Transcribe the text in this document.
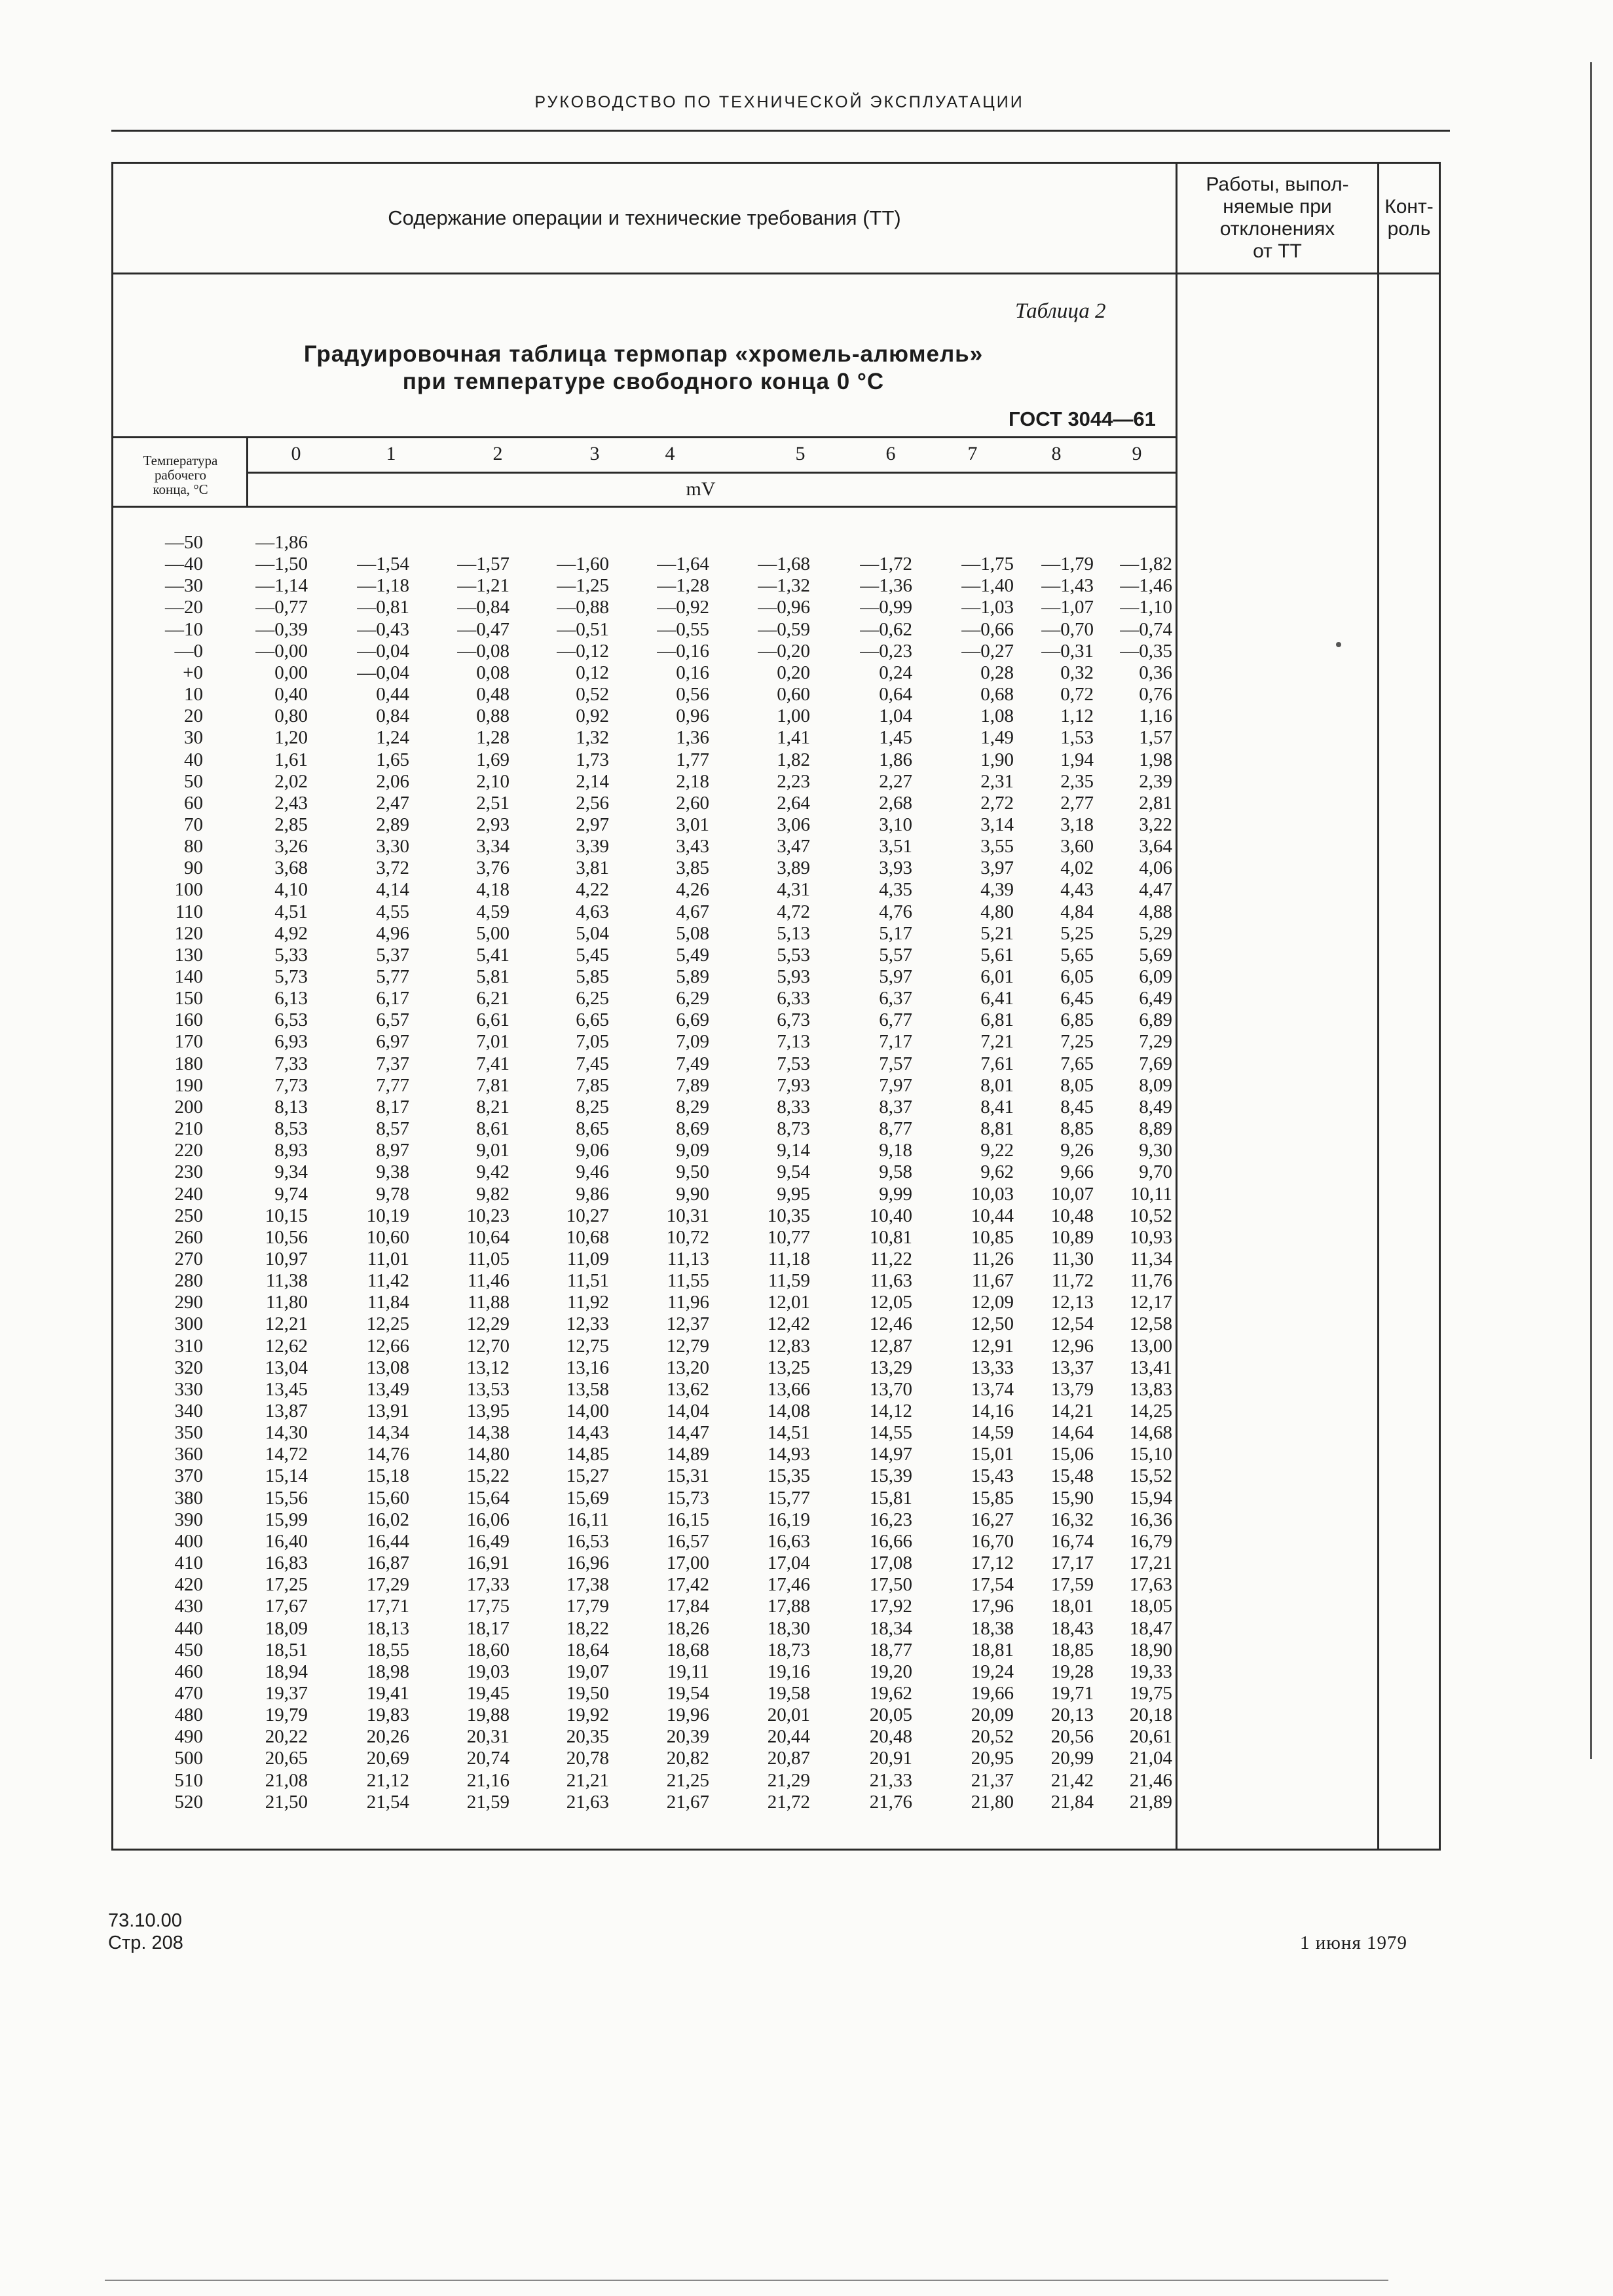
РУКОВОДСТВО ПО ТЕХНИЧЕСКОЙ ЭКСПЛУАТАЦИИ
Содержание операции и технические требования (ТТ)
Работы, выпол-
няемые при
отклонениях
от ТТ
Конт-
роль
Таблица 2
Градуировочная таблица термопар «хромель-алюмель»
при температуре свободного конца 0 °С
ГОСТ 3044—61
Температура
рабочего
конца, °С
0	1	2	3	4	5	6	7	8	9
mV
—50	—1,86
—40	—1,50	—1,54	—1,57	—1,60	—1,64	—1,68	—1,72	—1,75	—1,79	—1,82
—30	—1,14	—1,18	—1,21	—1,25	—1,28	—1,32	—1,36	—1,40	—1,43	—1,46
—20	—0,77	—0,81	—0,84	—0,88	—0,92	—0,96	—0,99	—1,03	—1,07	—1,10
—10	—0,39	—0,43	—0,47	—0,51	—0,55	—0,59	—0,62	—0,66	—0,70	—0,74
—0	—0,00	—0,04	—0,08	—0,12	—0,16	—0,20	—0,23	—0,27	—0,31	—0,35
+0	0,00	—0,04	0,08	0,12	0,16	0,20	0,24	0,28	0,32	0,36
10	0,40	0,44	0,48	0,52	0,56	0,60	0,64	0,68	0,72	0,76
20	0,80	0,84	0,88	0,92	0,96	1,00	1,04	1,08	1,12	1,16
30	1,20	1,24	1,28	1,32	1,36	1,41	1,45	1,49	1,53	1,57
40	1,61	1,65	1,69	1,73	1,77	1,82	1,86	1,90	1,94	1,98
50	2,02	2,06	2,10	2,14	2,18	2,23	2,27	2,31	2,35	2,39
60	2,43	2,47	2,51	2,56	2,60	2,64	2,68	2,72	2,77	2,81
70	2,85	2,89	2,93	2,97	3,01	3,06	3,10	3,14	3,18	3,22
80	3,26	3,30	3,34	3,39	3,43	3,47	3,51	3,55	3,60	3,64
90	3,68	3,72	3,76	3,81	3,85	3,89	3,93	3,97	4,02	4,06
100	4,10	4,14	4,18	4,22	4,26	4,31	4,35	4,39	4,43	4,47
110	4,51	4,55	4,59	4,63	4,67	4,72	4,76	4,80	4,84	4,88
120	4,92	4,96	5,00	5,04	5,08	5,13	5,17	5,21	5,25	5,29
130	5,33	5,37	5,41	5,45	5,49	5,53	5,57	5,61	5,65	5,69
140	5,73	5,77	5,81	5,85	5,89	5,93	5,97	6,01	6,05	6,09
150	6,13	6,17	6,21	6,25	6,29	6,33	6,37	6,41	6,45	6,49
160	6,53	6,57	6,61	6,65	6,69	6,73	6,77	6,81	6,85	6,89
170	6,93	6,97	7,01	7,05	7,09	7,13	7,17	7,21	7,25	7,29
180	7,33	7,37	7,41	7,45	7,49	7,53	7,57	7,61	7,65	7,69
190	7,73	7,77	7,81	7,85	7,89	7,93	7,97	8,01	8,05	8,09
200	8,13	8,17	8,21	8,25	8,29	8,33	8,37	8,41	8,45	8,49
210	8,53	8,57	8,61	8,65	8,69	8,73	8,77	8,81	8,85	8,89
220	8,93	8,97	9,01	9,06	9,09	9,14	9,18	9,22	9,26	9,30
230	9,34	9,38	9,42	9,46	9,50	9,54	9,58	9,62	9,66	9,70
240	9,74	9,78	9,82	9,86	9,90	9,95	9,99	10,03	10,07	10,11
250	10,15	10,19	10,23	10,27	10,31	10,35	10,40	10,44	10,48	10,52
260	10,56	10,60	10,64	10,68	10,72	10,77	10,81	10,85	10,89	10,93
270	10,97	11,01	11,05	11,09	11,13	11,18	11,22	11,26	11,30	11,34
280	11,38	11,42	11,46	11,51	11,55	11,59	11,63	11,67	11,72	11,76
290	11,80	11,84	11,88	11,92	11,96	12,01	12,05	12,09	12,13	12,17
300	12,21	12,25	12,29	12,33	12,37	12,42	12,46	12,50	12,54	12,58
310	12,62	12,66	12,70	12,75	12,79	12,83	12,87	12,91	12,96	13,00
320	13,04	13,08	13,12	13,16	13,20	13,25	13,29	13,33	13,37	13,41
330	13,45	13,49	13,53	13,58	13,62	13,66	13,70	13,74	13,79	13,83
340	13,87	13,91	13,95	14,00	14,04	14,08	14,12	14,16	14,21	14,25
350	14,30	14,34	14,38	14,43	14,47	14,51	14,55	14,59	14,64	14,68
360	14,72	14,76	14,80	14,85	14,89	14,93	14,97	15,01	15,06	15,10
370	15,14	15,18	15,22	15,27	15,31	15,35	15,39	15,43	15,48	15,52
380	15,56	15,60	15,64	15,69	15,73	15,77	15,81	15,85	15,90	15,94
390	15,99	16,02	16,06	16,11	16,15	16,19	16,23	16,27	16,32	16,36
400	16,40	16,44	16,49	16,53	16,57	16,63	16,66	16,70	16,74	16,79
410	16,83	16,87	16,91	16,96	17,00	17,04	17,08	17,12	17,17	17,21
420	17,25	17,29	17,33	17,38	17,42	17,46	17,50	17,54	17,59	17,63
430	17,67	17,71	17,75	17,79	17,84	17,88	17,92	17,96	18,01	18,05
440	18,09	18,13	18,17	18,22	18,26	18,30	18,34	18,38	18,43	18,47
450	18,51	18,55	18,60	18,64	18,68	18,73	18,77	18,81	18,85	18,90
460	18,94	18,98	19,03	19,07	19,11	19,16	19,20	19,24	19,28	19,33
470	19,37	19,41	19,45	19,50	19,54	19,58	19,62	19,66	19,71	19,75
480	19,79	19,83	19,88	19,92	19,96	20,01	20,05	20,09	20,13	20,18
490	20,22	20,26	20,31	20,35	20,39	20,44	20,48	20,52	20,56	20,61
500	20,65	20,69	20,74	20,78	20,82	20,87	20,91	20,95	20,99	21,04
510	21,08	21,12	21,16	21,21	21,25	21,29	21,33	21,37	21,42	21,46
520	21,50	21,54	21,59	21,63	21,67	21,72	21,76	21,80	21,84	21,89
73.10.00
Стр. 208	1 июня 1979
